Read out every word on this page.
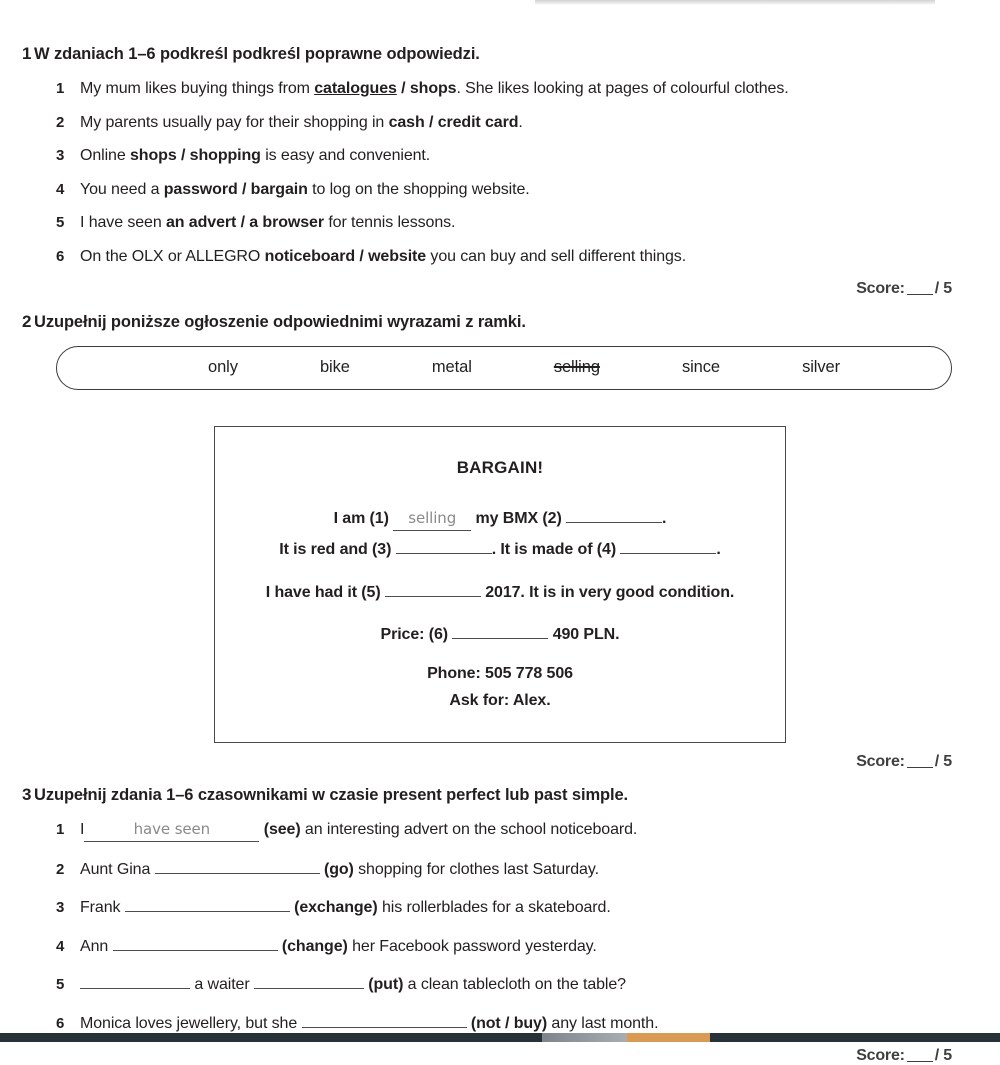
1 W zdaniach 1–6 podkreśl podkreśl poprawne odpowiedzi.
1 My mum likes buying things from catalogues / shops. She likes looking at pages of colourful clothes.
2 My parents usually pay for their shopping in cash / credit card.
3 Online shops / shopping is easy and convenient.
4 You need a password / bargain to log on the shopping website.
5 I have seen an advert / a browser for tennis lessons.
6 On the OLX or ALLEGRO noticeboard / website you can buy and sell different things.
Score: / 5
2 Uzupełnij poniższe ogłoszenie odpowiednimi wyrazami z ramki.
only	bike	metal	selling	since	silver
BARGAIN!
I am (1) selling my BMX (2)	.
It is red and (3)	. It is made of (4)	.
I have had it (5)	2017. It is in very good condition.
Price: (6)	490 PLN.
Phone: 505 778 506
Ask for: Alex.
Score: / 5
3 Uzupełnij zdania 1–6 czasownikami w czasie present perfect lub past simple.
1 I	have seen	(see) an interesting advert on the school noticeboard.
2 Aunt Gina	(go) shopping for clothes last Saturday.
3 Frank	(exchange) his rollerblades for a skateboard.
4 Ann	(change) her Facebook password yesterday.
5	a waiter	(put) a clean tablecloth on the table?
6 Monica loves jewellery, but she	(not / buy) any last month.
Score: / 5
